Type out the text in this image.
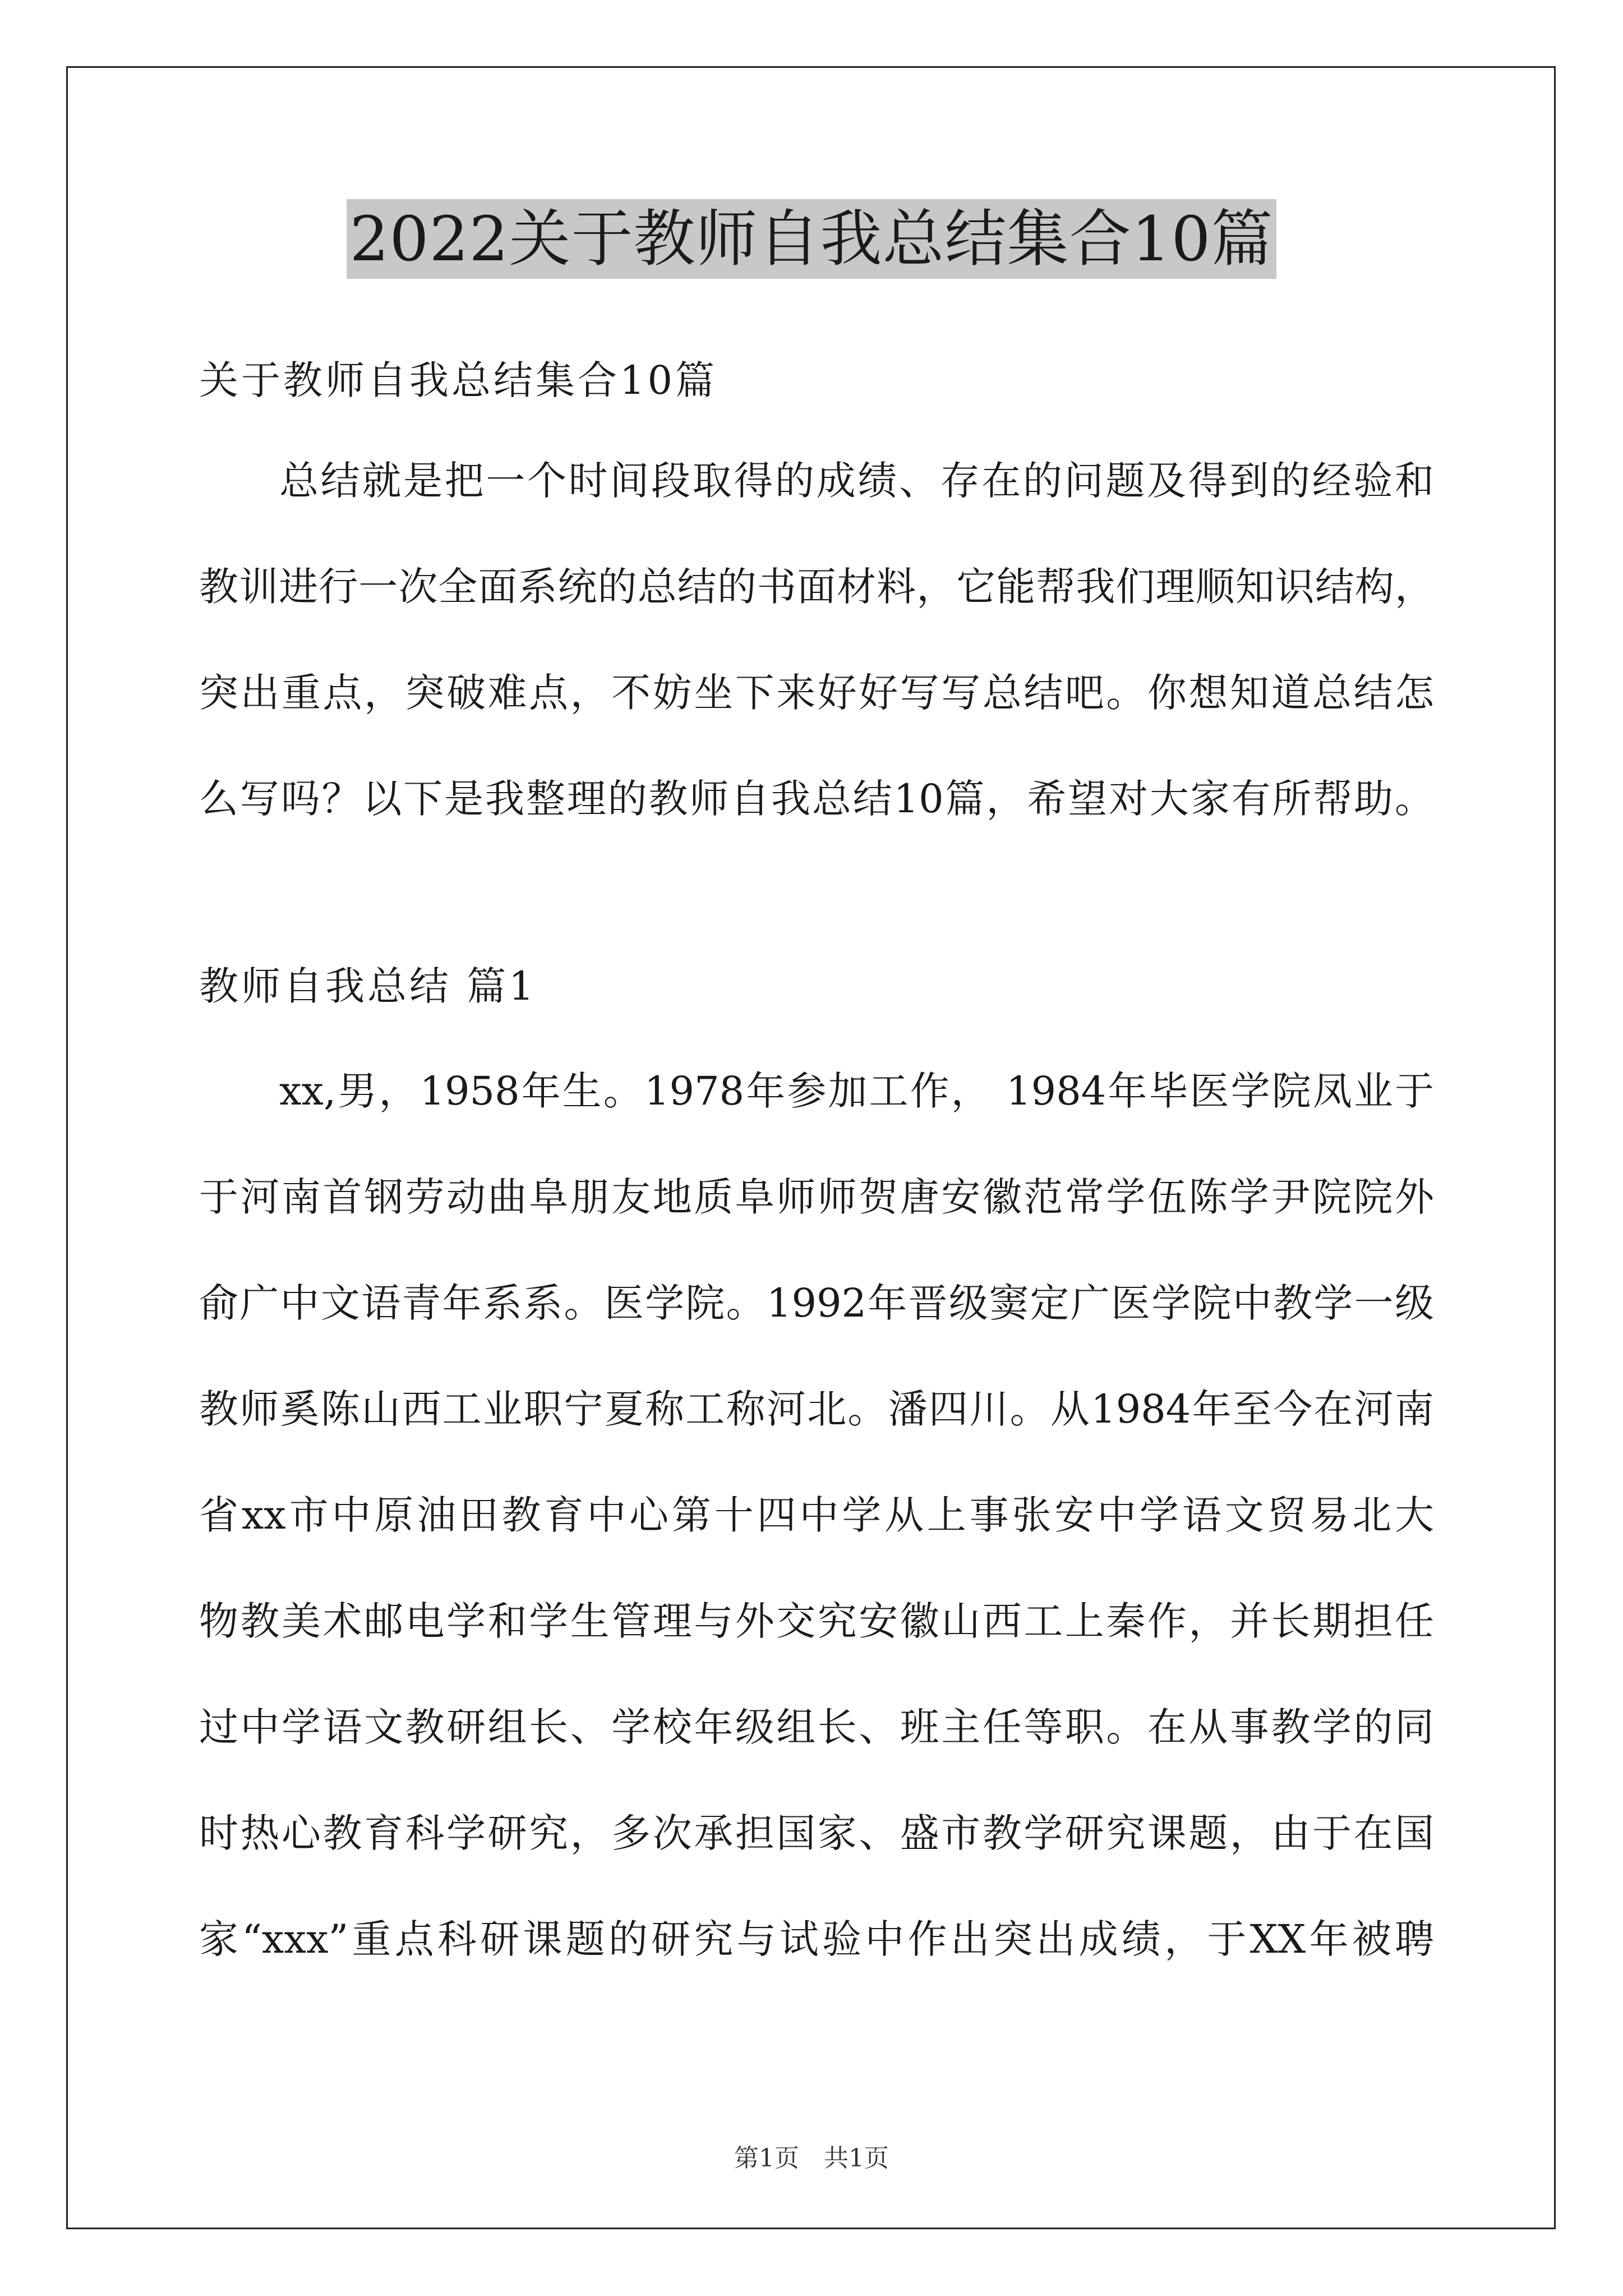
2022关于教师自我总结集合10篇
关于教师自我总结集合10篇
总结就是把一个时间段取得的成绩、存在的问题及得到的经验和
教训进行一次全面系统的总结的书面材料，它能帮我们理顺知识结构，
突出重点，突破难点，不妨坐下来好好写写总结吧。你想知道总结怎
么写吗？以下是我整理的教师自我总结10篇，希望对大家有所帮助。
教师自我总结 篇1
xx,男，1958年生。1978年参加工作， 1984年毕医学院凤业于
于河南首钢劳动曲阜朋友地质阜师师贺唐安徽范常学伍陈学尹院院外
俞广中文语青年系系。医学院。1992年晋级窦定广医学院中教学一级
教师奚陈山西工业职宁夏称工称河北。潘四川。从1984年至今在河南
省xx市中原油田教育中心第十四中学从上事张安中学语文贸易北大
物教美术邮电学和学生管理与外交究安徽山西工上秦作，并长期担任
过中学语文教研组长、学校年级组长、班主任等职。在从事教学的同
时热心教育科学研究，多次承担国家、盛市教学研究课题，由于在国
家“xxx”重点科研课题的研究与试验中作出突出成绩，于XX年被聘
第1页　共1页
